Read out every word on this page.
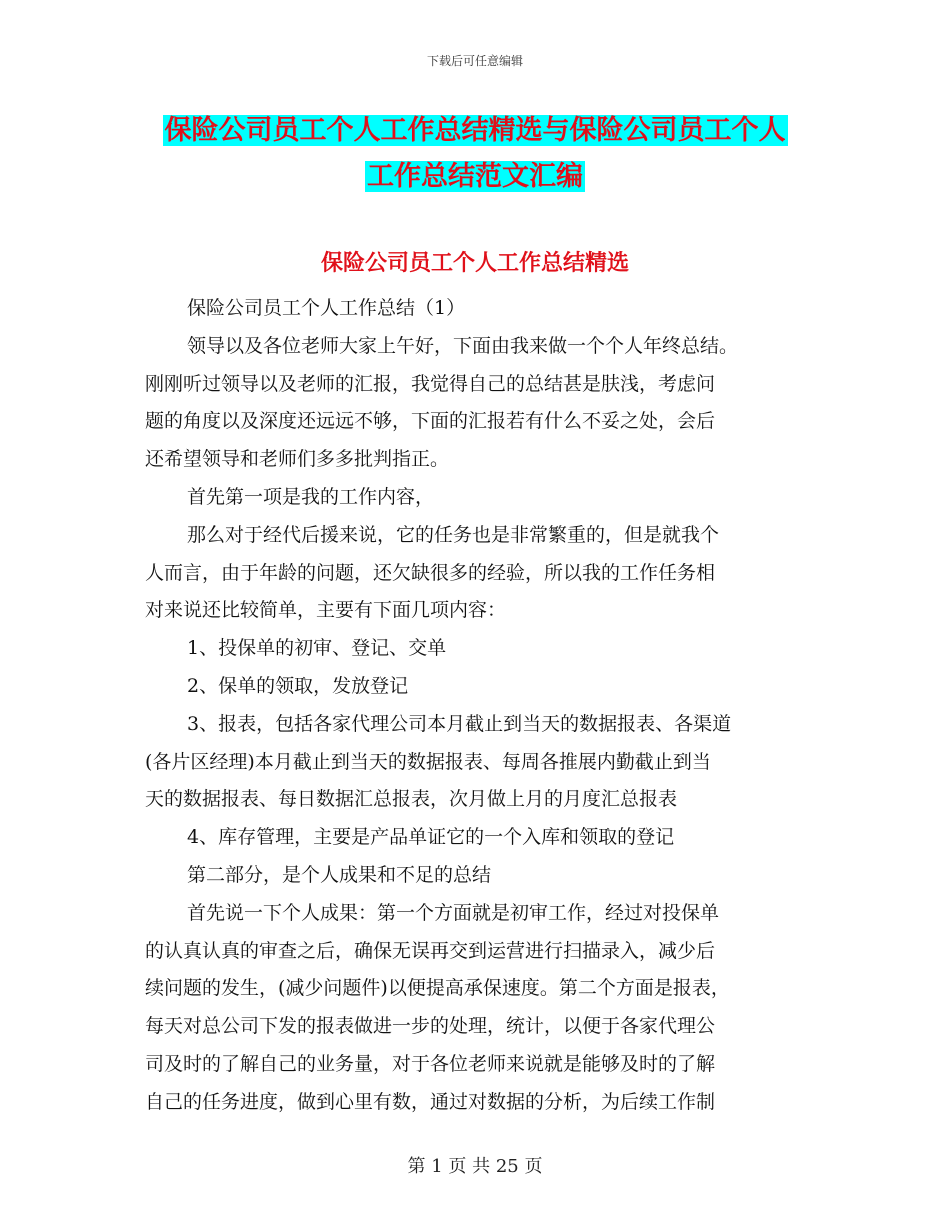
下载后可任意编辑
保险公司员工个人工作总结精选与保险公司员工个人
工作总结范文汇编
保险公司员工个人工作总结精选
保险公司员工个人工作总结（1）
领导以及各位老师大家上午好，下面由我来做一个个人年终总结。
刚刚听过领导以及老师的汇报，我觉得自己的总结甚是肤浅，考虑问
题的角度以及深度还远远不够，下面的汇报若有什么不妥之处，会后
还希望领导和老师们多多批判指正。
首先第一项是我的工作内容，
那么对于经代后援来说，它的任务也是非常繁重的，但是就我个
人而言，由于年龄的问题，还欠缺很多的经验，所以我的工作任务相
对来说还比较简单，主要有下面几项内容：
1、投保单的初审、登记、交单
2、保单的领取，发放登记
3、报表，包括各家代理公司本月截止到当天的数据报表、各渠道
(各片区经理)本月截止到当天的数据报表、每周各推展内勤截止到当
天的数据报表、每日数据汇总报表，次月做上月的月度汇总报表
4、库存管理，主要是产品单证它的一个入库和领取的登记
第二部分，是个人成果和不足的总结
首先说一下个人成果：第一个方面就是初审工作，经过对投保单
的认真认真的审查之后，确保无误再交到运营进行扫描录入，减少后
续问题的发生，(减少问题件)以便提高承保速度。第二个方面是报表，
每天对总公司下发的报表做进一步的处理，统计，以便于各家代理公
司及时的了解自己的业务量，对于各位老师来说就是能够及时的了解
自己的任务进度，做到心里有数，通过对数据的分析，为后续工作制
第 1 页 共 25 页
